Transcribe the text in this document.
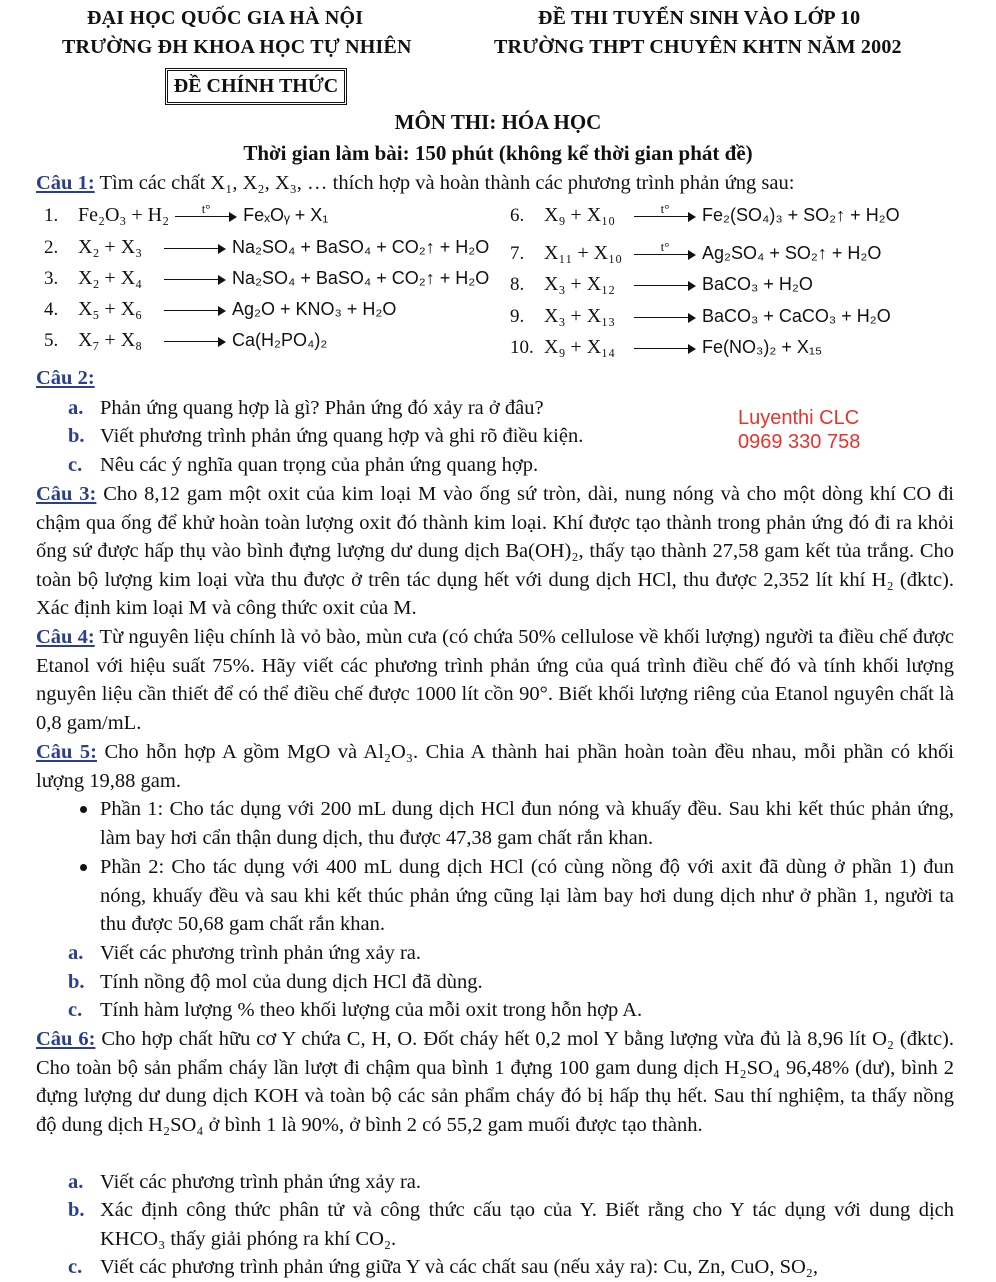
ĐẠI HỌC QUỐC GIA HÀ NỘI
TRƯỜNG ĐH KHOA HỌC TỰ NHIÊN
ĐỀ THI TUYỂN SINH VÀO LỚP 10
TRƯỜNG THPT CHUYÊN KHTN NĂM 2002
ĐỀ CHÍNH THỨC
MÔN THI: HÓA HỌC
Thời gian làm bài: 150 phút (không kể thời gian phát đề)
Câu 1: Tìm các chất X₁, X₂, X₃, … thích hợp và hoàn thành các phương trình phản ứng sau:
Câu 2:
a. Phản ứng quang hợp là gì? Phản ứng đó xảy ra ở đâu?
b. Viết phương trình phản ứng quang hợp và ghi rõ điều kiện.
c. Nêu các ý nghĩa quan trọng của phản ứng quang hợp.
Luyenthi CLC
0969 330 758
Câu 3: Cho 8,12 gam một oxit của kim loại M vào ống sứ tròn, dài, nung nóng và cho một dòng khí CO đi chậm qua ống để khử hoàn toàn lượng oxit đó thành kim loại. Khí được tạo thành trong phản ứng đó đi ra khỏi ống sứ được hấp thụ vào bình đựng lượng dư dung dịch Ba(OH)₂, thấy tạo thành 27,58 gam kết tủa trắng. Cho toàn bộ lượng kim loại vừa thu được ở trên tác dụng hết với dung dịch HCl, thu được 2,352 lít khí H₂ (đktc). Xác định kim loại M và công thức oxit của M.
Câu 4: Từ nguyên liệu chính là vỏ bào, mùn cưa (có chứa 50% cellulose về khối lượng) người ta điều chế được Etanol với hiệu suất 75%. Hãy viết các phương trình phản ứng của quá trình điều chế đó và tính khối lượng nguyên liệu cần thiết để có thể điều chế được 1000 lít cồn 90°. Biết khối lượng riêng của Etanol nguyên chất là 0,8 gam/mL.
Câu 5: Cho hỗn hợp A gồm MgO và Al₂O₃. Chia A thành hai phần hoàn toàn đều nhau, mỗi phần có khối lượng 19,88 gam.
Phần 1: Cho tác dụng với 200 mL dung dịch HCl đun nóng và khuấy đều. Sau khi kết thúc phản ứng, làm bay hơi cẩn thận dung dịch, thu được 47,38 gam chất rắn khan.
Phần 2: Cho tác dụng với 400 mL dung dịch HCl (có cùng nồng độ với axit đã dùng ở phần 1) đun nóng, khuấy đều và sau khi kết thúc phản ứng cũng lại làm bay hơi dung dịch như ở phần 1, người ta thu được 50,68 gam chất rắn khan.
a. Viết các phương trình phản ứng xảy ra.
b. Tính nồng độ mol của dung dịch HCl đã dùng.
c. Tính hàm lượng % theo khối lượng của mỗi oxit trong hỗn hợp A.
Câu 6: Cho hợp chất hữu cơ Y chứa C, H, O. Đốt cháy hết 0,2 mol Y bằng lượng vừa đủ là 8,96 lít O₂ (đktc). Cho toàn bộ sản phẩm cháy lần lượt đi chậm qua bình 1 đựng 100 gam dung dịch H₂SO₄ 96,48% (dư), bình 2 đựng lượng dư dung dịch KOH và toàn bộ các sản phẩm cháy đó bị hấp thụ hết. Sau thí nghiệm, ta thấy nồng độ dung dịch H₂SO₄ ở bình 1 là 90%, ở bình 2 có 55,2 gam muối được tạo thành.
a. Viết các phương trình phản ứng xảy ra.
b. Xác định công thức phân tử và công thức cấu tạo của Y. Biết rằng cho Y tác dụng với dung dịch KHCO₃ thấy giải phóng ra khí CO₂.
c. Viết các phương trình phản ứng giữa Y và các chất sau (nếu xảy ra): Cu, Zn, CuO, SO₂,
1. Fe₂O₃ + H₂	t°	FeₓOᵧ + X₁
2. X₂ + X₃	Na₂SO₄ + BaSO₄ + CO₂↑ + H₂O
3. X₂ + X₄	Na₂SO₄ + BaSO₄ + CO₂↑ + H₂O
4. X₅ + X₆	Ag₂O + KNO₃ + H₂O
5. X₇ + X₈	Ca(H₂PO₄)₂
6. X₉ + X₁₀	t°	Fe₂(SO₄)₃ + SO₂↑ + H₂O
7. X₁₁ + X₁₀	t°	Ag₂SO₄ + SO₂↑ + H₂O
8. X₃ + X₁₂	BaCO₃ + H₂O
9. X₃ + X₁₃	BaCO₃ + CaCO₃ + H₂O
10. X₉ + X₁₄	Fe(NO₃)₂ + X₁₅
